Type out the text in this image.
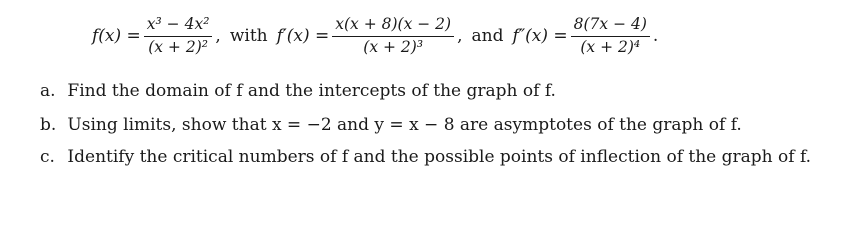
$f(x) = \frac{\text{x³ − 4x²}}{\text{(x + 2)²}}$ , with $f'(x) = \frac{x(x + 8)(x - 2)}{\text{(x + 2)³}}$ , and $f''(x) = \frac{8(7x - 4)}{\text{(x + 2)⁴}}$ .
a. Find the domain of f and the intercepts of the graph of f.
b. Using limits, show that x = −2 and y = x − 8 are asymptotes of the graph of f.
c. Identify the critical numbers of f and the possible points of inflection of the graph of f.
